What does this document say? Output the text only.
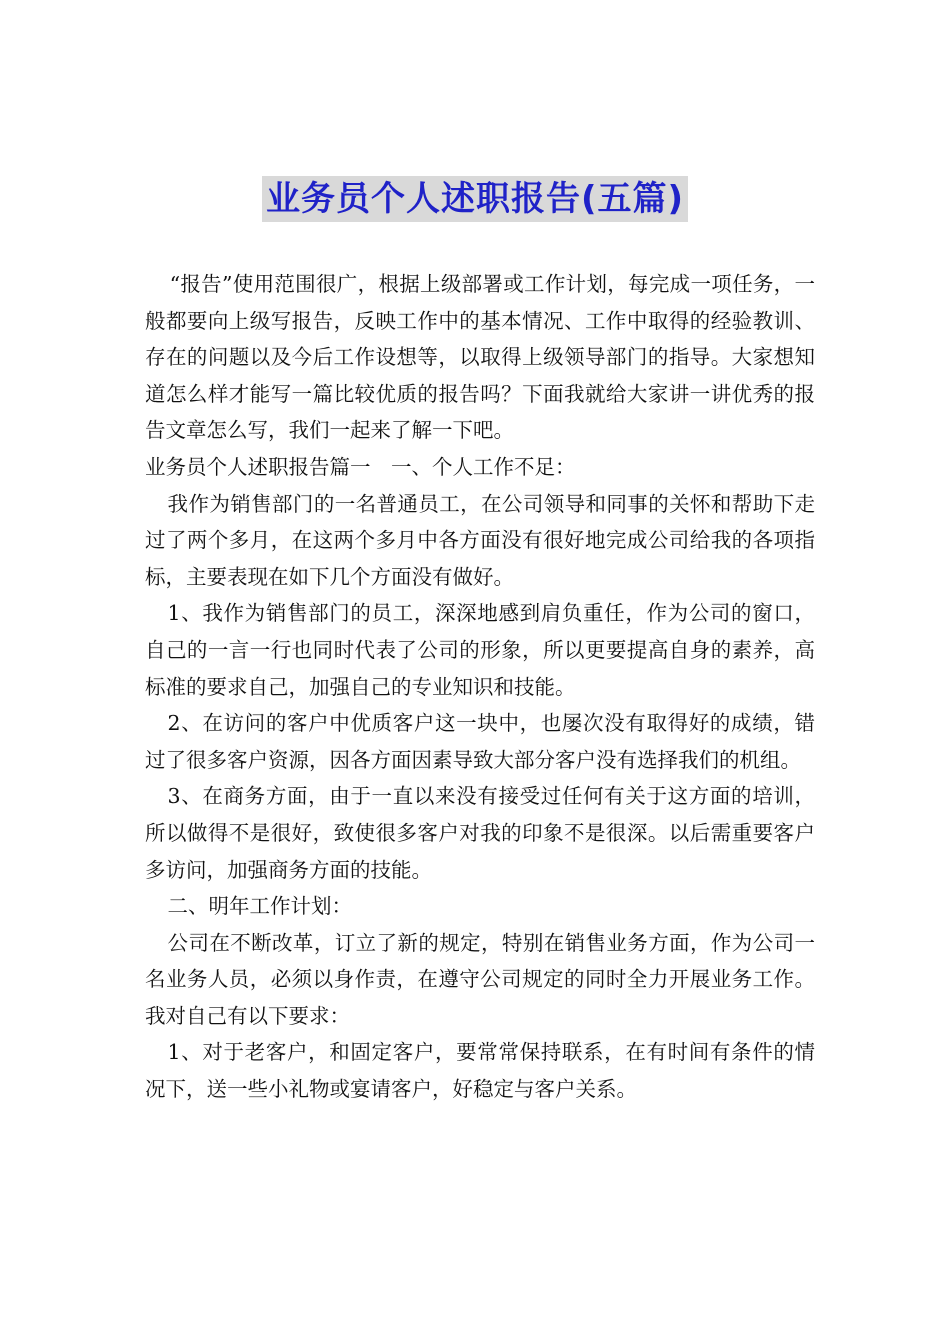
业务员个人述职报告(五篇)

“报告”使用范围很广，根据上级部署或工作计划，每完成一项任务，一般都要向上级写报告，反映工作中的基本情况、工作中取得的经验教训、存在的问题以及今后工作设想等，以取得上级领导部门的指导。大家想知道怎么样才能写一篇比较优质的报告吗？下面我就给大家讲一讲优秀的报告文章怎么写，我们一起来了解一下吧。

业务员个人述职报告篇一　一、个人工作不足：

我作为销售部门的一名普通员工，在公司领导和同事的关怀和帮助下走过了两个多月，在这两个多月中各方面没有很好地完成公司给我的各项指标，主要表现在如下几个方面没有做好。

1、我作为销售部门的员工，深深地感到肩负重任，作为公司的窗口，自己的一言一行也同时代表了公司的形象，所以更要提高自身的素养，高标准的要求自己，加强自己的专业知识和技能。

2、在访问的客户中优质客户这一块中，也屡次没有取得好的成绩，错过了很多客户资源，因各方面因素导致大部分客户没有选择我们的机组。

3、在商务方面，由于一直以来没有接受过任何有关于这方面的培训，所以做得不是很好，致使很多客户对我的印象不是很深。以后需重要客户多访问，加强商务方面的技能。

二、明年工作计划：

公司在不断改革，订立了新的规定，特别在销售业务方面，作为公司一名业务人员，必须以身作责，在遵守公司规定的同时全力开展业务工作。我对自己有以下要求：

1、对于老客户，和固定客户，要常常保持联系，在有时间有条件的情况下，送一些小礼物或宴请客户，好稳定与客户关系。
